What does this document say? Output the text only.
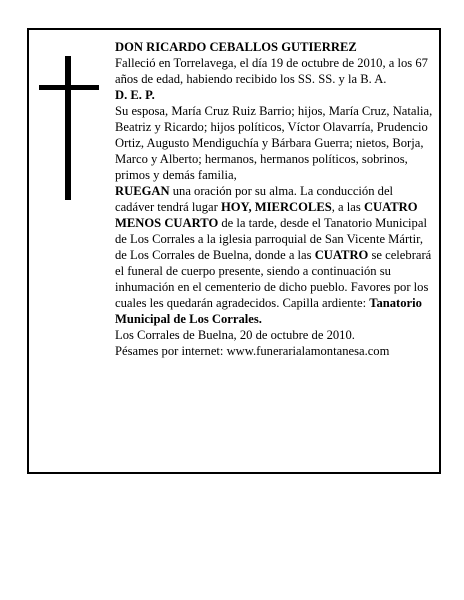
DON RICARDO CEBALLOS GUTIERREZ

Falleció en Torrelavega, el día 19 de octubre de 2010, a los 67 años de edad, habiendo recibido los SS. SS. y la B. A.

D. E. P.

Su esposa, María Cruz Ruiz Barrio; hijos, María Cruz, Natalia, Beatriz y Ricardo; hijos políticos, Víctor Olavarría, Prudencio Ortiz, Augusto Mendiguchía y Bárbara Guerra; nietos, Borja, Marco y Alberto; hermanos, hermanos políticos, sobrinos, primos y demás familia,

RUEGAN una oración por su alma. La conducción del cadáver tendrá lugar HOY, MIERCOLES, a las CUATRO MENOS CUARTO de la tarde, desde el Tanatorio Municipal de Los Corrales a la iglesia parroquial de San Vicente Mártir, de Los Corrales de Buelna, donde a las CUATRO se celebrará el funeral de cuerpo presente, siendo a continuación su inhumación en el cementerio de dicho pueblo. Favores por los cuales les quedarán agradecidos. Capilla ardiente: Tanatorio Municipal de Los Corrales.

Los Corrales de Buelna, 20 de octubre de 2010.

Pésames por internet: www.funerarialamontanesa.com
